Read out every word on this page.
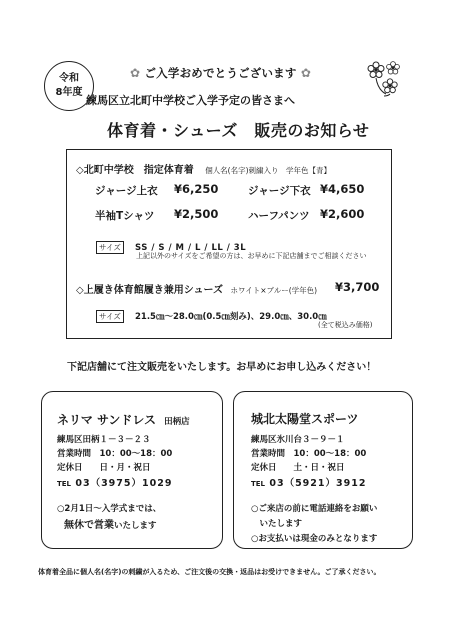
令和
8年度
✿ ご入学おめでとうございます ✿
練馬区立北町中学校ご入学予定の皆さまへ
体育着・シューズ　販売のお知らせ
◇北町中学校　指定体育着 個人名(名字)刺繍入り　学年色【青】
ジャージ上衣 ¥6,250	ジャージ下衣 ¥4,650
半袖Tシャツ ¥2,500	ハーフパンツ ¥2,600
サイズ SS / S / M / L / LL / 3L
上記以外のサイズをご希望の方は、お早めに下記店舗までご相談ください
◇上履き体育館履き兼用シューズ ホワイト×ブルー(学年色) ¥3,700
サイズ 21.5㎝〜28.0㎝(0.5㎝刻み)、29.0㎝、30.0㎝
(全て税込み価格)
下記店舗にて注文販売をいたします。お早めにお申し込みください！
ネリマ サンドレス 田柄店
練馬区田柄１－３－２３
営業時間　10：00～18：00
定休日　　日・月・祝日
TEL 03（3975）1029
○2月1日～入学式までは、
無休で営業いたします
城北太陽堂スポーツ
練馬区氷川台３－９－１
営業時間　10：00～18：00
定休日　　土・日・祝日
TEL 03（5921）3912
○ご来店の前に電話連絡をお願い
　いたします
○お支払いは現金のみとなります
体育着全品に個人名(名字)の刺繍が入るため、ご注文後の交換・返品はお受けできません。ご了承ください。
